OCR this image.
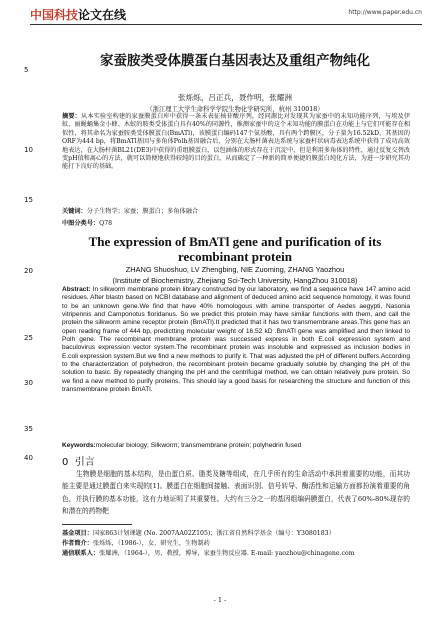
中国科技论文在线	http://www.paper.edu.cn
5
10
15
20
25
30
35
40
家蚕胺类受体膜蛋白基因表达及重组产物纯化
张烁烁，吕正兵，聂作明，张耀洲
（浙江理工大学生命科学学院生物化学研究所，杭州 310018）
摘要：从本实验室构建的家蚕膜蛋白库中获得一条未表征核苷酸序列，经同源比对发现其为家蚕中的未知功能序列，与埃及伊蚊、丽蝇蛹集金小蜂、木蚁的胺类受体蛋白具有40%的同源性，推测家蚕中的这个未知功能的膜蛋白在功能上与它们可能存在相似性，将其命名为家蚕胺类受体膜蛋白(BmATl)，该膜蛋白编码147个氨基酸，具有两个跨膜区，分子量为16.52kD，其基因的ORF为444 bp，将BmATl基因与多角体Polh基因融合后，分别在大肠杆菌表达系统与家蚕杆状病毒表达系统中获得了成功高效地表达，在大肠杆菌BL21(DE3)中获得的重组膜蛋白，以包涵体的形式存在于沉淀中，但是利用多角体的特性，通过反复交替改变pH值和离心的方法，就可以简便地获得较纯的目的蛋白，从而确定了一种新的简单便捷的膜蛋白纯化方法，为进一步研究其功能打下良好的基础。
关键词：分子生物学；家蚕；膜蛋白；多角体融合
中图分类号：Q78
The expression of BmATl gene and purification of its recombinant protein
ZHANG Shuoshuo, LV Zhengbing, NIE Zuoming, ZHANG Yaozhou
(Institute of Biochemistry, Zhejiang Sci-Tech University, HangZhou 310018)
Abstract: In silkworm membrane protein library constructed by our laboratory, we find a sequence have 147 amino acid residues. After blastn based on NCBI database and alignment of deduced amino acid sequence homology, it was found to be an unknown gene.We find that have 40% homologous with amine transporter of Aedes aegypti, Nasonia vitripennis and Camponotus floridanus. So we predict this protein may have similar functions with them, and call the protein the silkworm amine receptor protein (BmATl).It predicted that it has two transmembrane areas.This gene has an open reading frame of 444 bp, predictting molecular weight of 16.52 kD .BmATl gene was amplified and then linked to Polh gene. The recombinant membrane protein was successed express in both E.coli expression system and baculovirus expression vector system.The recombinant protein was insoluble and expressed as inclusion bodies in E.coli expression system.But we find a new methods to purify it. That was adjusted the pH of different buffers.According to the characterization of polyhedron, the recombinant protein became gradually soluble by changing the pH of the solution to basic. By repeatedly changing the pH and the centrifugal method, we can obtain relatively pure protein. So we find a new method to purify proteins. This should lay a good basis for researching the structure and function of this transmembrane protein BmATl.
Keywords:molecular biology; Silkworm; transmembrane protein; polyhedrin fused
0 引言
生物膜是细胞的基本结构，是由蛋白质、脂类及糖等组成，在几乎所有的生命活动中承担着重要的功能，而其功能主要是通过膜蛋白来实现的[1]。膜蛋白在细胞间接触、表面识别、信号转导、酶活性和运输方面都扮演着重要的角色，并执行膜的基本功能，这有力地证明了其重要性。大约有三分之一的基因组编码膜蛋白，代表了60%-80%现存的和潜在的药物靶
基金项目：国家863计划课题 (No. 2007AA02Z105)；浙江省自然科学基金（编号：Y3080183）
作者简介：张烁烁，（1986-），女，研究生，生物制药
通信联系人：张耀洲，（1964-），男，教授，博导，家蚕生物反应器. E-mail: yaozhou@chinagene.com
- 1 -
